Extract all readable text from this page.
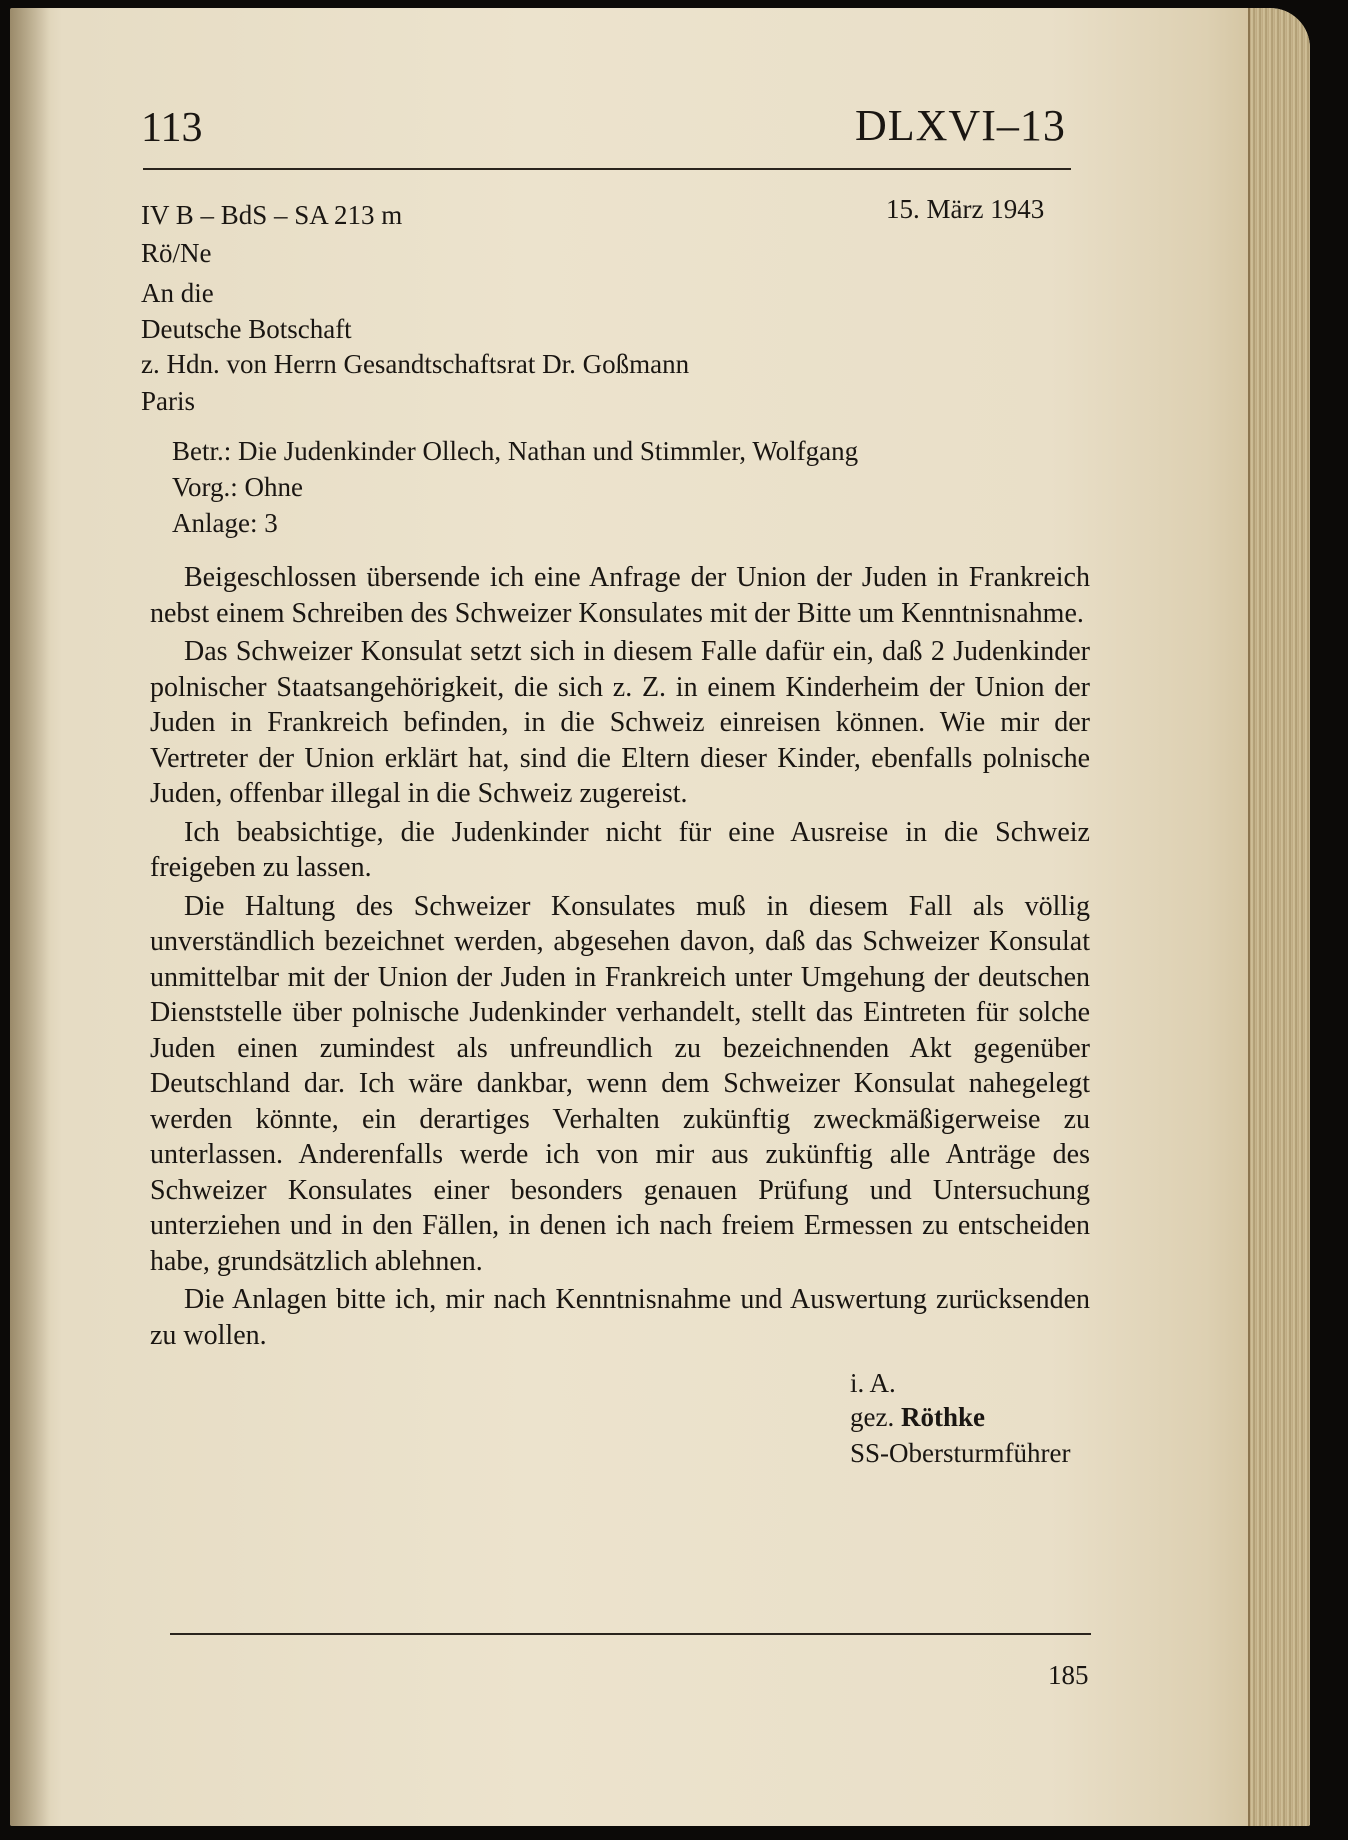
113	DLXVI–13
IV B – BdS – SA 213 m	15. März 1943
Rö/Ne
An die
Deutsche Botschaft
z. Hdn. von Herrn Gesandtschaftsrat Dr. Goßmann
Paris
Betr.: Die Judenkinder Ollech, Nathan und Stimmler, Wolfgang
Vorg.: Ohne
Anlage: 3

Beigeschlossen übersende ich eine Anfrage der Union der Juden in Frankreich nebst einem Schreiben des Schweizer Konsulates mit der Bitte um Kenntnisnahme.

Das Schweizer Konsulat setzt sich in diesem Falle dafür ein, daß 2 Judenkinder polnischer Staatsangehörigkeit, die sich z. Z. in einem Kinderheim der Union der Juden in Frankreich befinden, in die Schweiz einreisen können. Wie mir der Vertreter der Union erklärt hat, sind die Eltern dieser Kinder, ebenfalls polnische Juden, offenbar illegal in die Schweiz zugereist.

Ich beabsichtige, die Judenkinder nicht für eine Ausreise in die Schweiz freigeben zu lassen.

Die Haltung des Schweizer Konsulates muß in diesem Fall als völlig unverständlich bezeichnet werden, abgesehen davon, daß das Schweizer Konsulat unmittelbar mit der Union der Juden in Frankreich unter Umgehung der deutschen Dienststelle über polnische Judenkinder verhandelt, stellt das Eintreten für solche Juden einen zumindest als unfreundlich zu bezeichnenden Akt gegenüber Deutschland dar. Ich wäre dankbar, wenn dem Schweizer Konsulat nahegelegt werden könnte, ein derartiges Verhalten zukünftig zweckmäßigerweise zu unterlassen. Anderenfalls werde ich von mir aus zukünftig alle Anträge des Schweizer Konsulates einer besonders genauen Prüfung und Untersuchung unterziehen und in den Fällen, in denen ich nach freiem Ermessen zu entscheiden habe, grundsätzlich ablehnen.

Die Anlagen bitte ich, mir nach Kenntnisnahme und Auswertung zurücksenden zu wollen.

i. A.
gez. Röthke
SS-Obersturmführer
185
